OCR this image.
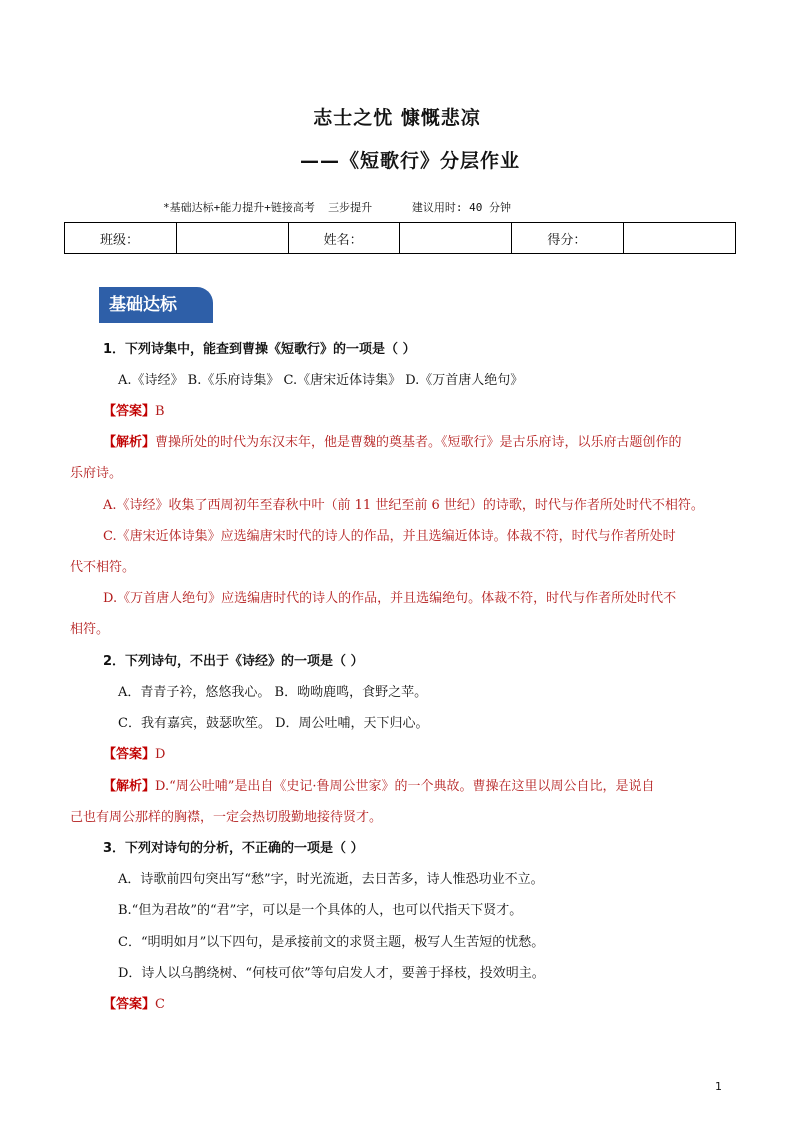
志士之忧 慷慨悲凉
——《短歌行》分层作业
*基础达标+能力提升+链接高考  三步提升      建议用时: 40 分钟
班级：		姓名：		得分：	
基础达标
1．下列诗集中，能查到曹操《短歌行》的一项是（ ）
A.《诗经》 B.《乐府诗集》 C.《唐宋近体诗集》 D.《万首唐人绝句》
【答案】B
【解析】曹操所处的时代为东汉末年，他是曹魏的奠基者。《短歌行》是古乐府诗，以乐府古题创作的
乐府诗。
A.《诗经》收集了西周初年至春秋中叶（前 11 世纪至前 6 世纪）的诗歌，时代与作者所处时代不相符。
C.《唐宋近体诗集》应选编唐宋时代的诗人的作品，并且选编近体诗。体裁不符，时代与作者所处时
代不相符。
D.《万首唐人绝句》应选编唐时代的诗人的作品，并且选编绝句。体裁不符，时代与作者所处时代不
相符。
2．下列诗句，不出于《诗经》的一项是（ ）
A．青青子衿，悠悠我心。 B．呦呦鹿鸣，食野之苹。
C．我有嘉宾，鼓瑟吹笙。 D．周公吐哺，天下归心。
【答案】D
【解析】D.“周公吐哺”是出自《史记·鲁周公世家》的一个典故。曹操在这里以周公自比，是说自
己也有周公那样的胸襟，一定会热切殷勤地接待贤才。
3．下列对诗句的分析，不正确的一项是（ ）
A．诗歌前四句突出写“愁”字，时光流逝，去日苦多，诗人惟恐功业不立。
B.“但为君故”的“君”字，可以是一个具体的人，也可以代指天下贤才。
C．“明明如月”以下四句，是承接前文的求贤主题，极写人生苦短的忧愁。
D．诗人以乌鹊绕树、“何枝可依”等句启发人才，要善于择枝，投效明主。
【答案】C
1
